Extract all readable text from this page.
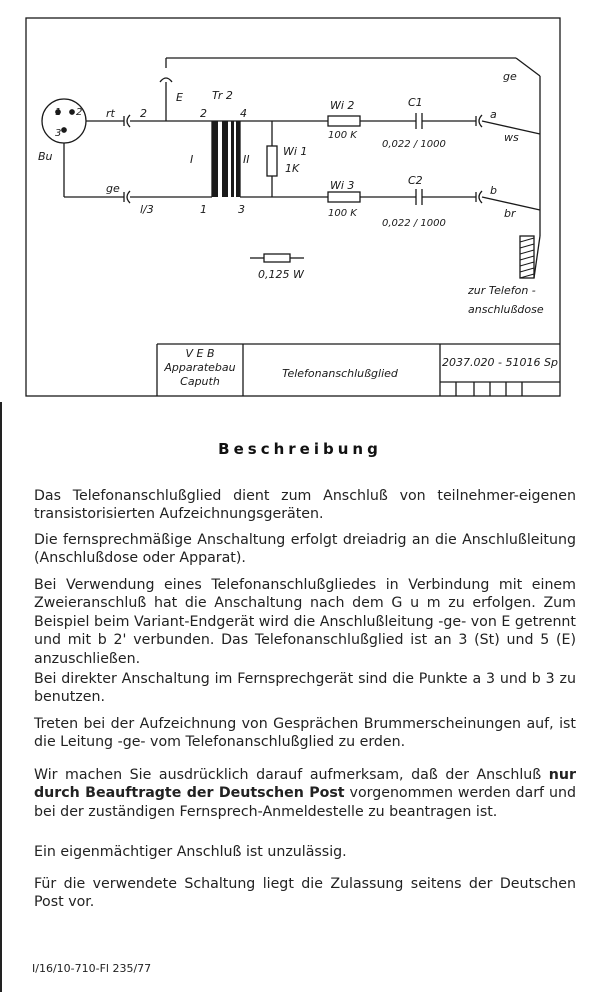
Bu
1 2
3
rt 2
ge
l/3
E	Tr 2
2	4
1	3
I	II
Wi 1
1K
Wi 2
100 K
C1
0,022 / 1000
Wi 3
100 K
C2
0,022 / 1000
a
b
ws
br
ge
0,125 W
zur Telefon -
anschlußdose
V E B
Apparatebau
Caputh
Telefonanschlußglied
2037.020 - 51016 Sp
Beschreibung

Das Telefonanschlußglied dient zum Anschluß von teilnehmer-eigenen transistorisierten Aufzeichnungsgeräten.

Die fernsprechmäßige Anschaltung erfolgt dreiadrig an die Anschlußleitung (Anschlußdose oder Apparat).

Bei Verwendung eines Telefonanschlußgliedes in Verbindung mit einem Zweieranschluß hat die Anschaltung nach dem G u m zu erfolgen. Zum Beispiel beim Variant-Endgerät wird die Anschlußleitung -ge- von E getrennt und mit b 2' verbunden. Das Telefonanschlußglied ist an 3 (St) und 5 (E) anzuschließen.

Bei direkter Anschaltung im Fernsprechgerät sind die Punkte a 3 und b 3 zu benutzen.

Treten bei der Aufzeichnung von Gesprächen Brummerscheinungen auf, ist die Leitung -ge- vom Telefonanschlußglied zu erden.

Wir machen Sie ausdrücklich darauf aufmerksam, daß der Anschluß nur durch Beauftragte der Deutschen Post vorgenommen werden darf und bei der zuständigen Fernsprech-Anmeldestelle zu beantragen ist.

Ein eigenmächtiger Anschluß ist unzulässig.

Für die verwendete Schaltung liegt die Zulassung seitens der Deutschen Post vor.

I/16/10-710-Fl 235/77
